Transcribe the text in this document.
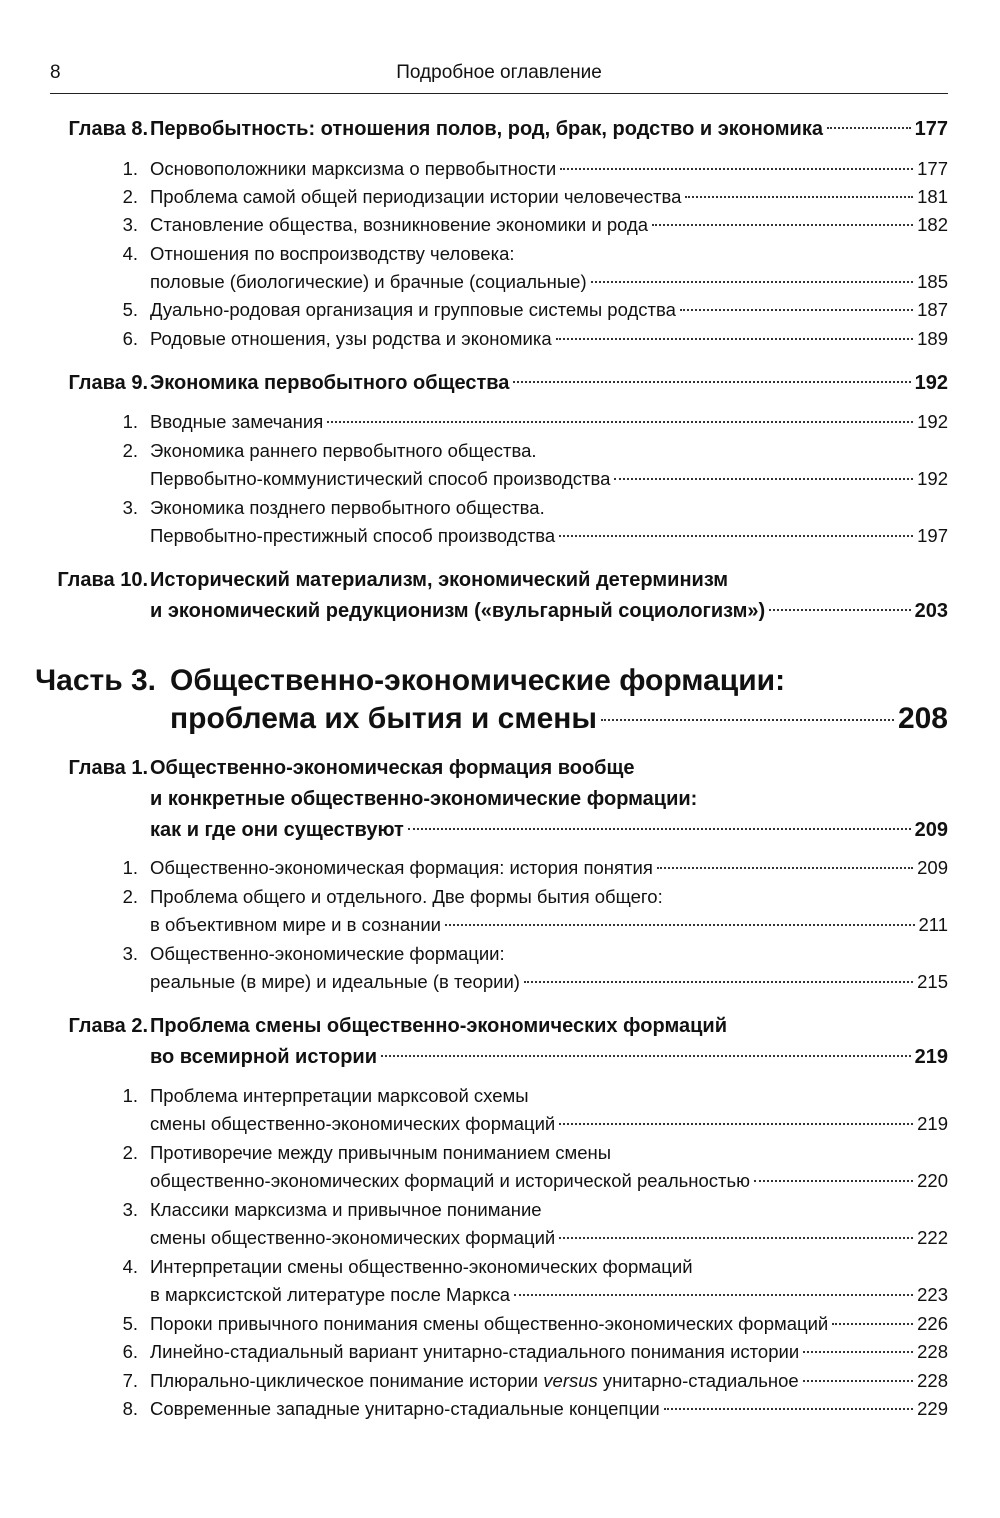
8	Подробное оглавление
Глава 8. Первобытность: отношения полов, род, брак, родство и экономика	177
1. Основоположники марксизма о первобытности	177
2. Проблема самой общей периодизации истории человечества	181
3. Становление общества, возникновение экономики и рода	182
4. Отношения по воспроизводству человека:
половые (биологические) и брачные (социальные)	185
5. Дуально-родовая организация и групповые системы родства	187
6. Родовые отношения, узы родства и экономика	189
Глава 9. Экономика первобытного общества	192
1. Вводные замечания	192
2. Экономика раннего первобытного общества.
Первобытно-коммунистический способ производства	192
3. Экономика позднего первобытного общества.
Первобытно-престижный способ производства	197
Глава 10. Исторический материализм, экономический детерминизм
и экономический редукционизм («вульгарный социологизм»)	203
Часть 3. Общественно-экономические формации:
проблема их бытия и смены	208
Глава 1. Общественно-экономическая формация вообще
и конкретные общественно-экономические формации:
как и где они существуют	209
1. Общественно-экономическая формация: история понятия	209
2. Проблема общего и отдельного. Две формы бытия общего:
в объективном мире и в сознании	211
3. Общественно-экономические формации:
реальные (в мире) и идеальные (в теории)	215
Глава 2. Проблема смены общественно-экономических формаций
во всемирной истории	219
1. Проблема интерпретации марксовой схемы
смены общественно-экономических формаций	219
2. Противоречие между привычным пониманием смены
общественно-экономических формаций и исторической реальностью	220
3. Классики марксизма и привычное понимание
смены общественно-экономических формаций	222
4. Интерпретации смены общественно-экономических формаций
в марксистской литературе после Маркса	223
5. Пороки привычного понимания смены общественно-экономических формаций	226
6. Линейно-стадиальный вариант унитарно-стадиального понимания истории	228
7. Плюрально-циклическое понимание истории versus унитарно-стадиальное	228
8. Современные западные унитарно-стадиальные концепции	229
